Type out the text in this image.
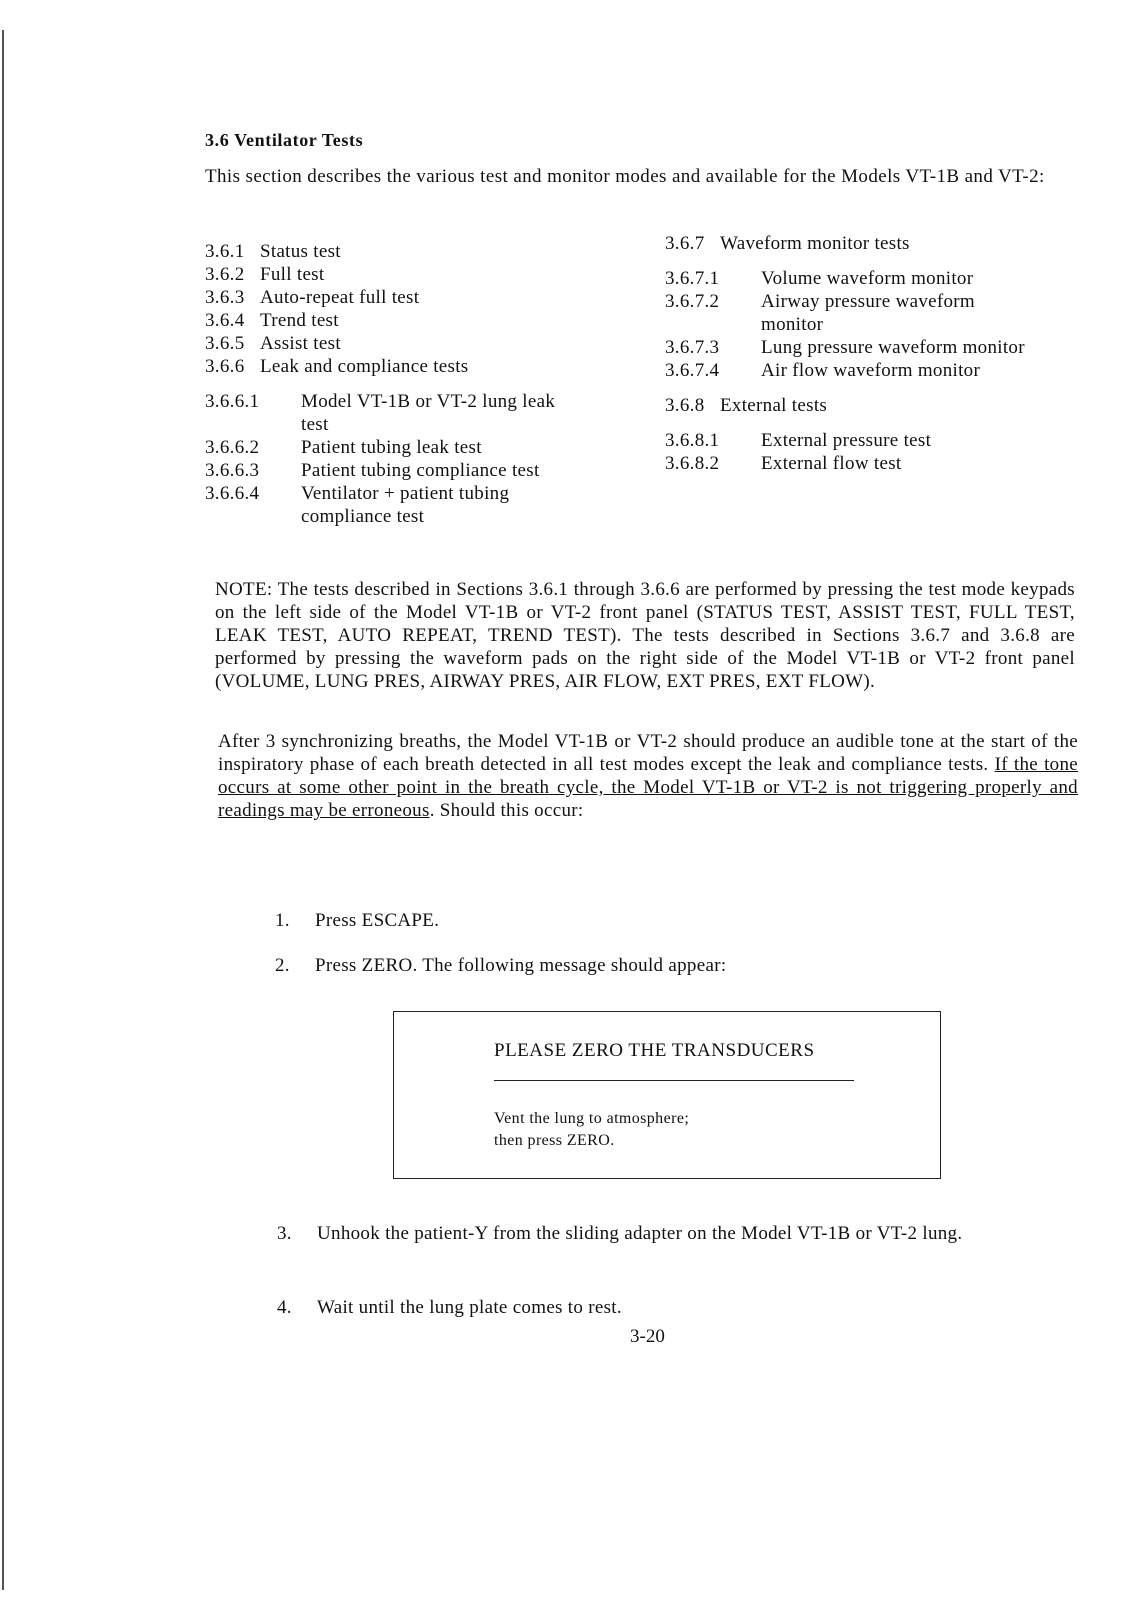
3.6 Ventilator Tests

This section describes the various test and monitor modes and available for the Models VT-1B and VT-2:

3.6.1 Status test
3.6.2 Full test
3.6.3 Auto-repeat full test
3.6.4 Trend test
3.6.5 Assist test
3.6.6 Leak and compliance tests
3.6.6.1	Model VT-1B or VT-2 lung leak test
3.6.6.2	Patient tubing leak test
3.6.6.3	Patient tubing compliance test
3.6.6.4	Ventilator + patient tubing compliance test
3.6.7 Waveform monitor tests
3.6.7.1	Volume waveform monitor
3.6.7.2	Airway pressure waveform monitor
3.6.7.3	Lung pressure waveform monitor
3.6.7.4	Air flow waveform monitor
3.6.8 External tests
3.6.8.1	External pressure test
3.6.8.2	External flow test

NOTE: The tests described in Sections 3.6.1 through 3.6.6 are performed by pressing the test mode keypads on the left side of the Model VT-1B or VT-2 front panel (STATUS TEST, ASSIST TEST, FULL TEST, LEAK TEST, AUTO REPEAT, TREND TEST). The tests described in Sections 3.6.7 and 3.6.8 are performed by pressing the waveform pads on the right side of the Model VT-1B or VT-2 front panel (VOLUME, LUNG PRES, AIRWAY PRES, AIR FLOW, EXT PRES, EXT FLOW).

After 3 synchronizing breaths, the Model VT-1B or VT-2 should produce an audible tone at the start of the inspiratory phase of each breath detected in all test modes except the leak and compliance tests. If the tone occurs at some other point in the breath cycle, the Model VT-1B or VT-2 is not triggering properly and readings may be erroneous. Should this occur:

1.	Press ESCAPE.
2.	Press ZERO. The following message should appear:
PLEASE ZERO THE TRANSDUCERS
Vent the lung to atmosphere;
then press ZERO.
3.	Unhook the patient-Y from the sliding adapter on the Model VT-1B or VT-2 lung.
4.	Wait until the lung plate comes to rest.
3-20
